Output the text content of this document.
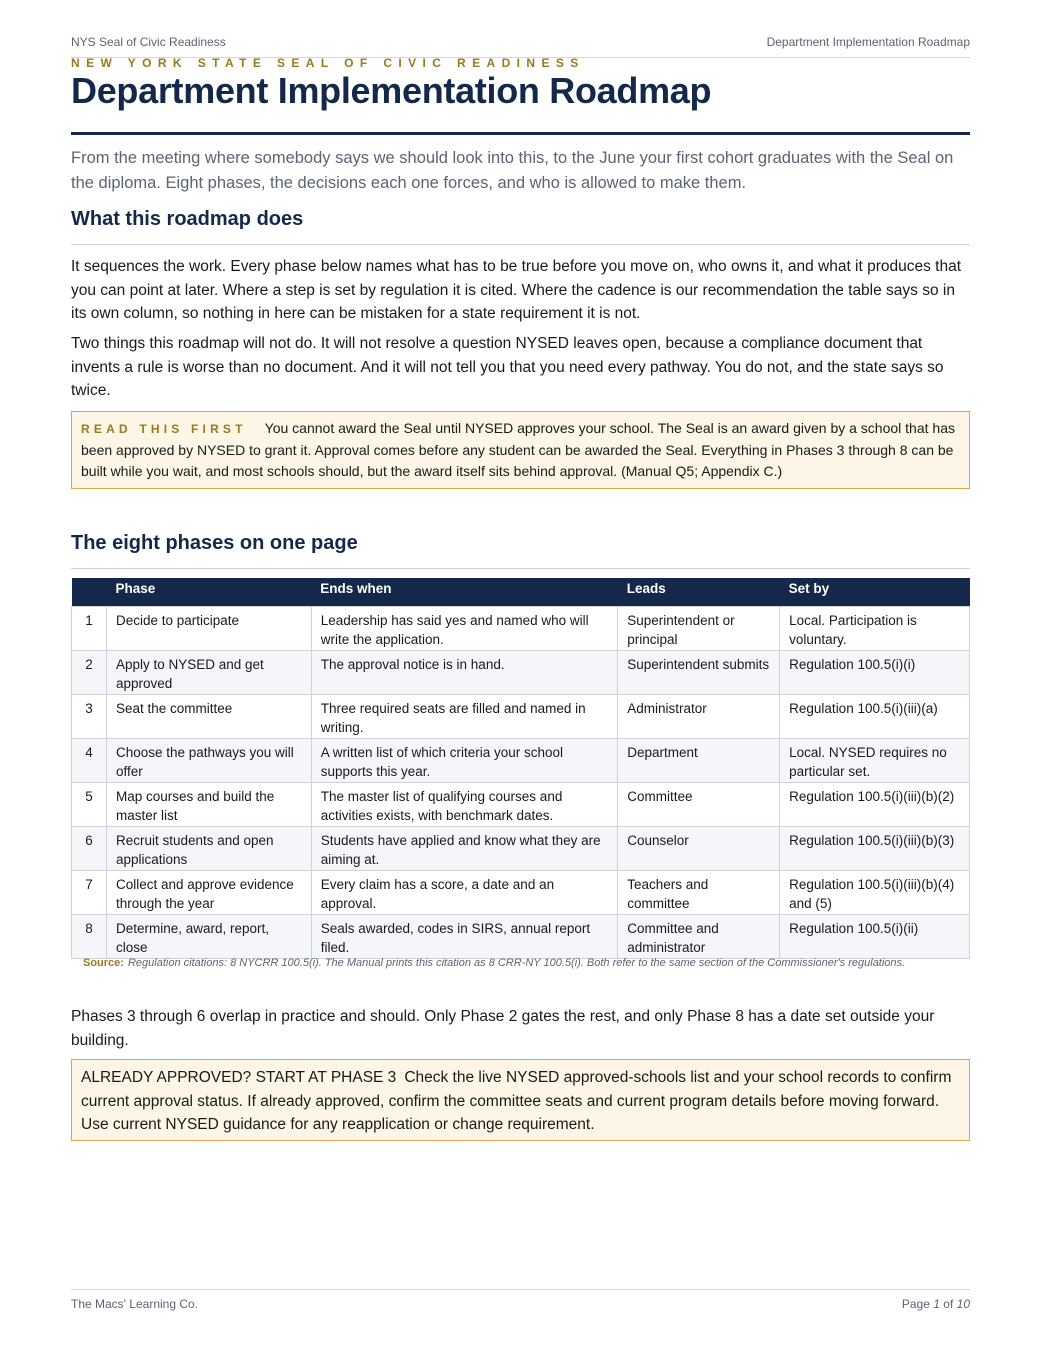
NYS Seal of Civic Readiness	Department Implementation Roadmap
NEW YORK STATE SEAL OF CIVIC READINESS
Department Implementation Roadmap
From the meeting where somebody says we should look into this, to the June your first cohort graduates with the Seal on the diploma. Eight phases, the decisions each one forces, and who is allowed to make them.
What this roadmap does
It sequences the work. Every phase below names what has to be true before you move on, who owns it, and what it produces that you can point at later. Where a step is set by regulation it is cited. Where the cadence is our recommendation the table says so in its own column, so nothing in here can be mistaken for a state requirement it is not.
Two things this roadmap will not do. It will not resolve a question NYSED leaves open, because a compliance document that invents a rule is worse than no document. And it will not tell you that you need every pathway. You do not, and the state says so twice.
READ THIS FIRST You cannot award the Seal until NYSED approves your school. The Seal is an award given by a school that has been approved by NYSED to grant it. Approval comes before any student can be awarded the Seal. Everything in Phases 3 through 8 can be built while you wait, and most schools should, but the award itself sits behind approval. (Manual Q5; Appendix C.)
The eight phases on one page
	Phase	Ends when	Leads	Set by
1	Decide to participate	Leadership has said yes and named who will write the application.	Superintendent or principal	Local. Participation is voluntary.
2	Apply to NYSED and get approved	The approval notice is in hand.	Superintendent submits	Regulation 100.5(i)(i)
3	Seat the committee	Three required seats are filled and named in writing.	Administrator	Regulation 100.5(i)(iii)(a)
4	Choose the pathways you will offer	A written list of which criteria your school supports this year.	Department	Local. NYSED requires no particular set.
5	Map courses and build the master list	The master list of qualifying courses and activities exists, with benchmark dates.	Committee	Regulation 100.5(i)(iii)(b)(2)
6	Recruit students and open applications	Students have applied and know what they are aiming at.	Counselor	Regulation 100.5(i)(iii)(b)(3)
7	Collect and approve evidence through the year	Every claim has a score, a date and an approval.	Teachers and committee	Regulation 100.5(i)(iii)(b)(4) and (5)
8	Determine, award, report, close	Seals awarded, codes in SIRS, annual report filed.	Committee and administrator	Regulation 100.5(i)(ii)
Source: Regulation citations: 8 NYCRR 100.5(i). The Manual prints this citation as 8 CRR-NY 100.5(i). Both refer to the same section of the Commissioner's regulations.
Phases 3 through 6 overlap in practice and should. Only Phase 2 gates the rest, and only Phase 8 has a date set outside your building.
ALREADY APPROVED? START AT PHASE 3 Check the live NYSED approved-schools list and your school records to confirm current approval status. If already approved, confirm the committee seats and current program details before moving forward. Use current NYSED guidance for any reapplication or change requirement.
The Macs' Learning Co.	Page 1 of 10
